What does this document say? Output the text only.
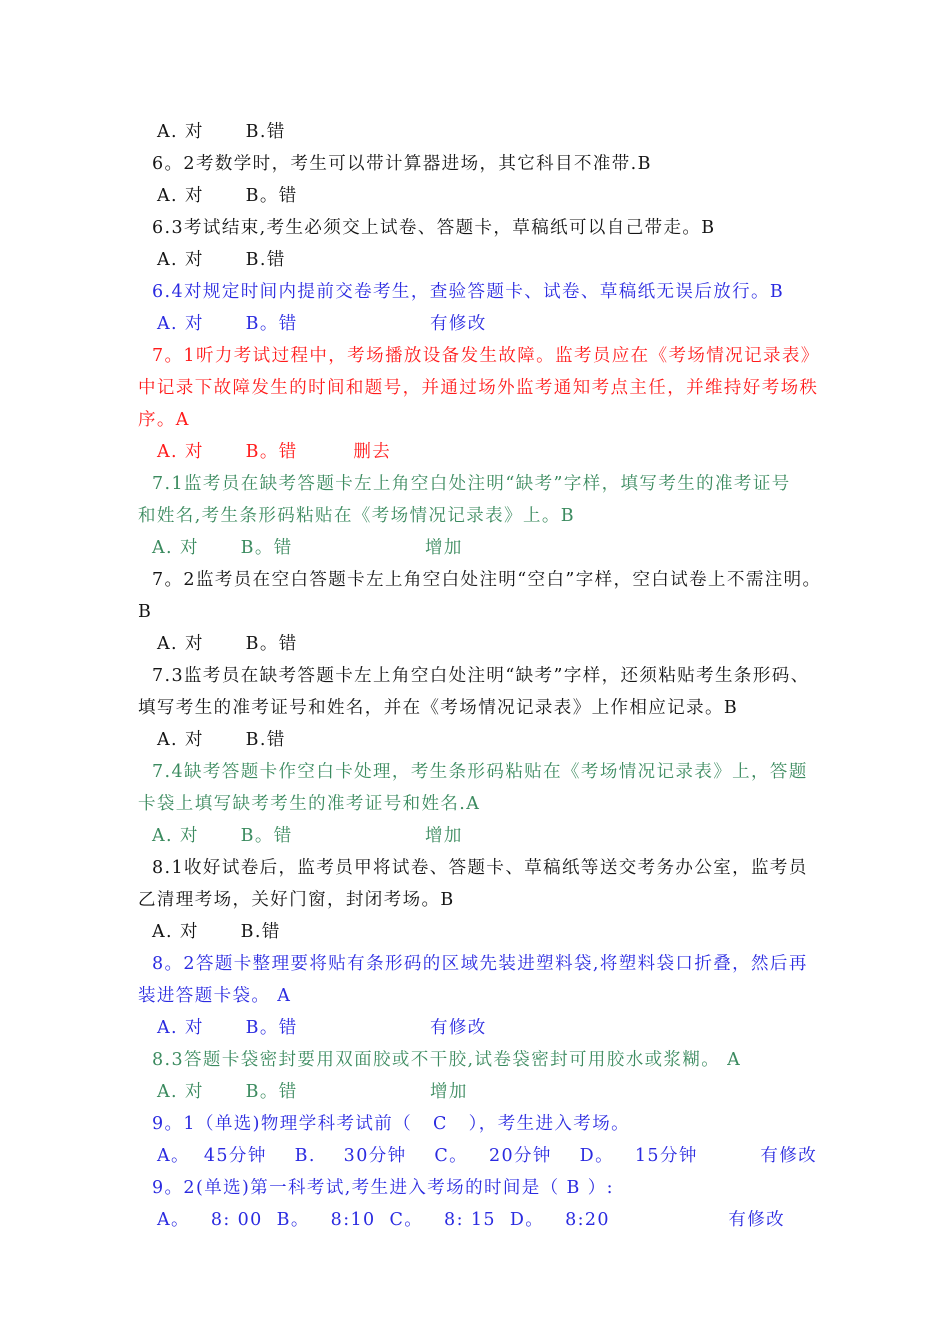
A. 对      B.错
6。2考数学时，考生可以带计算器进场，其它科目不准带.B
A. 对      B。错
6.3考试结束,考生必须交上试卷、答题卡，草稿纸可以自己带走。B
A. 对      B.错
6.4对规定时间内提前交卷考生，查验答题卡、试卷、草稿纸无误后放行。B
A. 对      B。错                   有修改
7。1听力考试过程中，考场播放设备发生故障。监考员应在《考场情况记录表》
中记录下故障发生的时间和题号，并通过场外监考通知考点主任，并维持好考场秩
序。A
A. 对      B。错        删去
7.1监考员在缺考答题卡左上角空白处注明“缺考”字样，填写考生的准考证号
和姓名,考生条形码粘贴在《考场情况记录表》上。B
A. 对      B。错                   增加
7。2监考员在空白答题卡左上角空白处注明“空白”字样，空白试卷上不需注明。
B
A. 对      B。错
7.3监考员在缺考答题卡左上角空白处注明“缺考”字样，还须粘贴考生条形码、
填写考生的准考证号和姓名，并在《考场情况记录表》上作相应记录。B
A. 对      B.错
7.4缺考答题卡作空白卡处理，考生条形码粘贴在《考场情况记录表》上，答题
卡袋上填写缺考考生的准考证号和姓名.A
A. 对      B。错                   增加
8.1收好试卷后，监考员甲将试卷、答题卡、草稿纸等送交考务办公室，监考员
乙清理考场，关好门窗，封闭考场。B
A. 对      B.错
8。2答题卡整理要将贴有条形码的区域先装进塑料袋,将塑料袋口折叠，然后再
装进答题卡袋。 A
A. 对      B。错                   有修改
8.3答题卡袋密封要用双面胶或不干胶,试卷袋密封可用胶水或浆糊。 A
A. 对      B。错                   增加
9。1（单选)物理学科考试前（   C   ），考生进入考场。
A。  45分钟    B.    30分钟    C。   20分钟    D。   15分钟         有修改
9。2(单选)第一科考试,考生进入考场的时间是（ B ）:
A。   8: 00  B。   8:10  C。   8: 15  D。   8:20                 有修改
